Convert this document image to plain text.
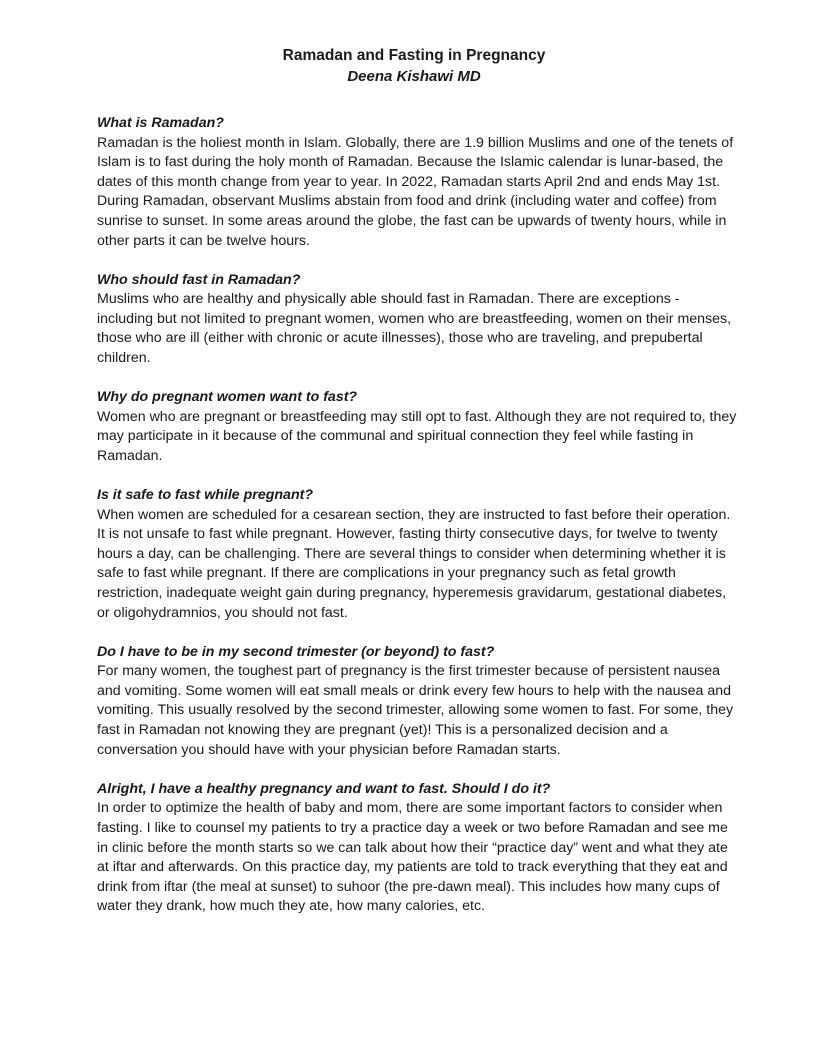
Ramadan and Fasting in Pregnancy

Deena Kishawi MD

What is Ramadan?

Ramadan is the holiest month in Islam. Globally, there are 1.9 billion Muslims and one of the tenets of Islam is to fast during the holy month of Ramadan. Because the Islamic calendar is lunar-based, the dates of this month change from year to year. In 2022, Ramadan starts April 2nd and ends May 1st. During Ramadan, observant Muslims abstain from food and drink (including water and coffee) from sunrise to sunset. In some areas around the globe, the fast can be upwards of twenty hours, while in other parts it can be twelve hours.

Who should fast in Ramadan?

Muslims who are healthy and physically able should fast in Ramadan. There are exceptions - including but not limited to pregnant women, women who are breastfeeding, women on their menses, those who are ill (either with chronic or acute illnesses), those who are traveling, and prepubertal children.

Why do pregnant women want to fast?

Women who are pregnant or breastfeeding may still opt to fast. Although they are not required to, they may participate in it because of the communal and spiritual connection they feel while fasting in Ramadan.

Is it safe to fast while pregnant?

When women are scheduled for a cesarean section, they are instructed to fast before their operation. It is not unsafe to fast while pregnant. However, fasting thirty consecutive days, for twelve to twenty hours a day, can be challenging. There are several things to consider when determining whether it is safe to fast while pregnant. If there are complications in your pregnancy such as fetal growth restriction, inadequate weight gain during pregnancy, hyperemesis gravidarum, gestational diabetes, or oligohydramnios, you should not fast.

Do I have to be in my second trimester (or beyond) to fast?

For many women, the toughest part of pregnancy is the first trimester because of persistent nausea and vomiting. Some women will eat small meals or drink every few hours to help with the nausea and vomiting. This usually resolved by the second trimester, allowing some women to fast. For some, they fast in Ramadan not knowing they are pregnant (yet)! This is a personalized decision and a conversation you should have with your physician before Ramadan starts.

Alright, I have a healthy pregnancy and want to fast. Should I do it?

In order to optimize the health of baby and mom, there are some important factors to consider when fasting. I like to counsel my patients to try a practice day a week or two before Ramadan and see me in clinic before the month starts so we can talk about how their “practice day” went and what they ate at iftar and afterwards. On this practice day, my patients are told to track everything that they eat and drink from iftar (the meal at sunset) to suhoor (the pre-dawn meal). This includes how many cups of water they drank, how much they ate, how many calories, etc.
